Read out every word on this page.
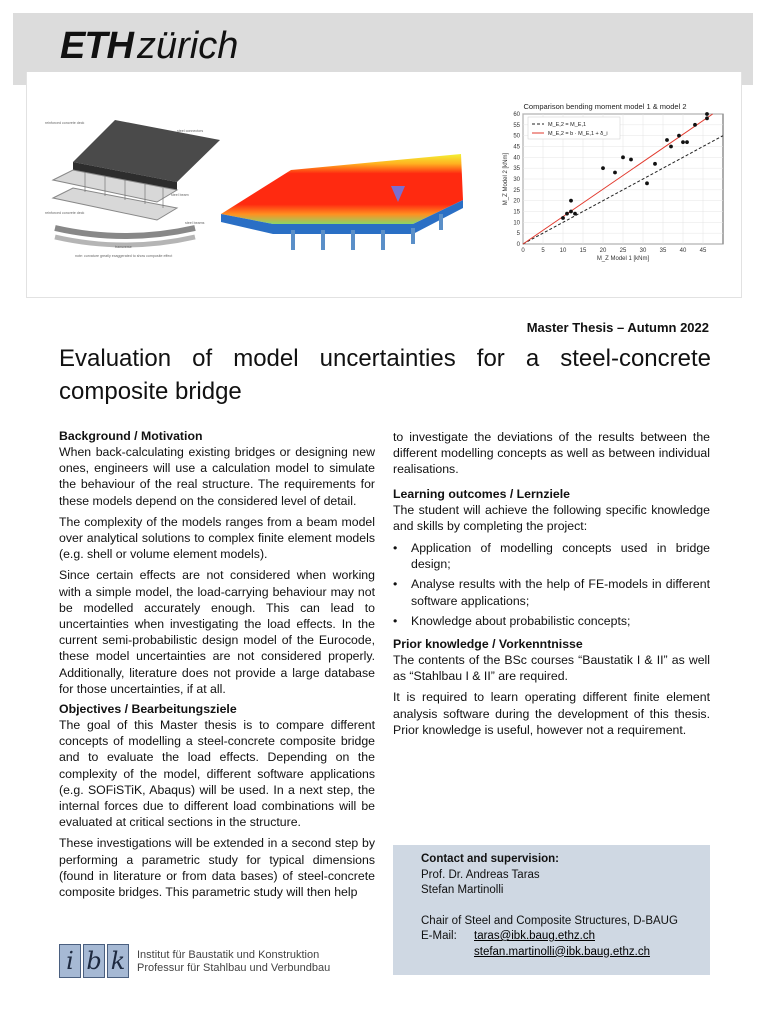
ETH zürich
reinforced concrete deck
steel connectors
steel beam
reinforced concrete deck
steel beams
transverse
note: curvature greatly exaggerated to show composite effect
Comparison bending moment model 1 & model 2
0	5 10 15 20 25 30 35 40 45
0
5
10
15
20
25
30
35
40
45
50
55
60
M_Z Model 1 [kNm]
M_Z Model 2 [kNm]
M_E,2 = M_E,1
M_E,2 = b · M_E,1 + δ_i
Master Thesis – Autumn 2022
Evaluation of model uncertainties for a steel-concrete composite bridge
Background / Motivation

When back-calculating existing bridges or designing new ones, engineers will use a calculation model to simulate the behaviour of the real structure. The requirements for these models depend on the considered level of detail.

The complexity of the models ranges from a beam model over analytical solutions to complex finite element models (e.g. shell or volume element models).

Since certain effects are not considered when working with a simple model, the load-carrying behaviour may not be modelled accurately enough. This can lead to uncertainties when investigating the load effects. In the current semi-probabilistic design model of the Eurocode, these model uncertainties are not considered properly. Additionally, literature does not provide a large database for those uncertainties, if at all.

Objectives / Bearbeitungsziele

The goal of this Master thesis is to compare different concepts of modelling a steel-concrete composite bridge and to evaluate the load effects. Depending on the complexity of the model, different software applications (e.g. SOFiSTiK, Abaqus) will be used. In a next step, the internal forces due to different load combinations will be evaluated at critical sections in the structure.

These investigations will be extended in a second step by performing a parametric study for typical dimensions (found in literature or from data bases) of steel-concrete composite bridges. This parametric study will then help

to investigate the deviations of the results between the different modelling concepts as well as between individual realisations.

Learning outcomes / Lernziele

The student will achieve the following specific knowledge and skills by completing the project:

• Application of modelling concepts used in bridge design;
• Analyse results with the help of FE-models in different software applications;
• Knowledge about probabilistic concepts;
Prior knowledge / Vorkenntnisse

The contents of the BSc courses “Baustatik I & II” as well as “Stahlbau I & II” are required.

It is required to learn operating different finite element analysis software during the development of this thesis. Prior knowledge is useful, however not a requirement.

Contact and supervision:
Prof. Dr. Andreas Taras
Stefan Martinolli
Chair of Steel and Composite Structures, D-BAUG
E-Mail:	taras@ibk.baug.ethz.ch
stefan.martinolli@ibk.baug.ethz.ch
i b k	Institut für Baustatik und Konstruktion
Professur für Stahlbau und Verbundbau
